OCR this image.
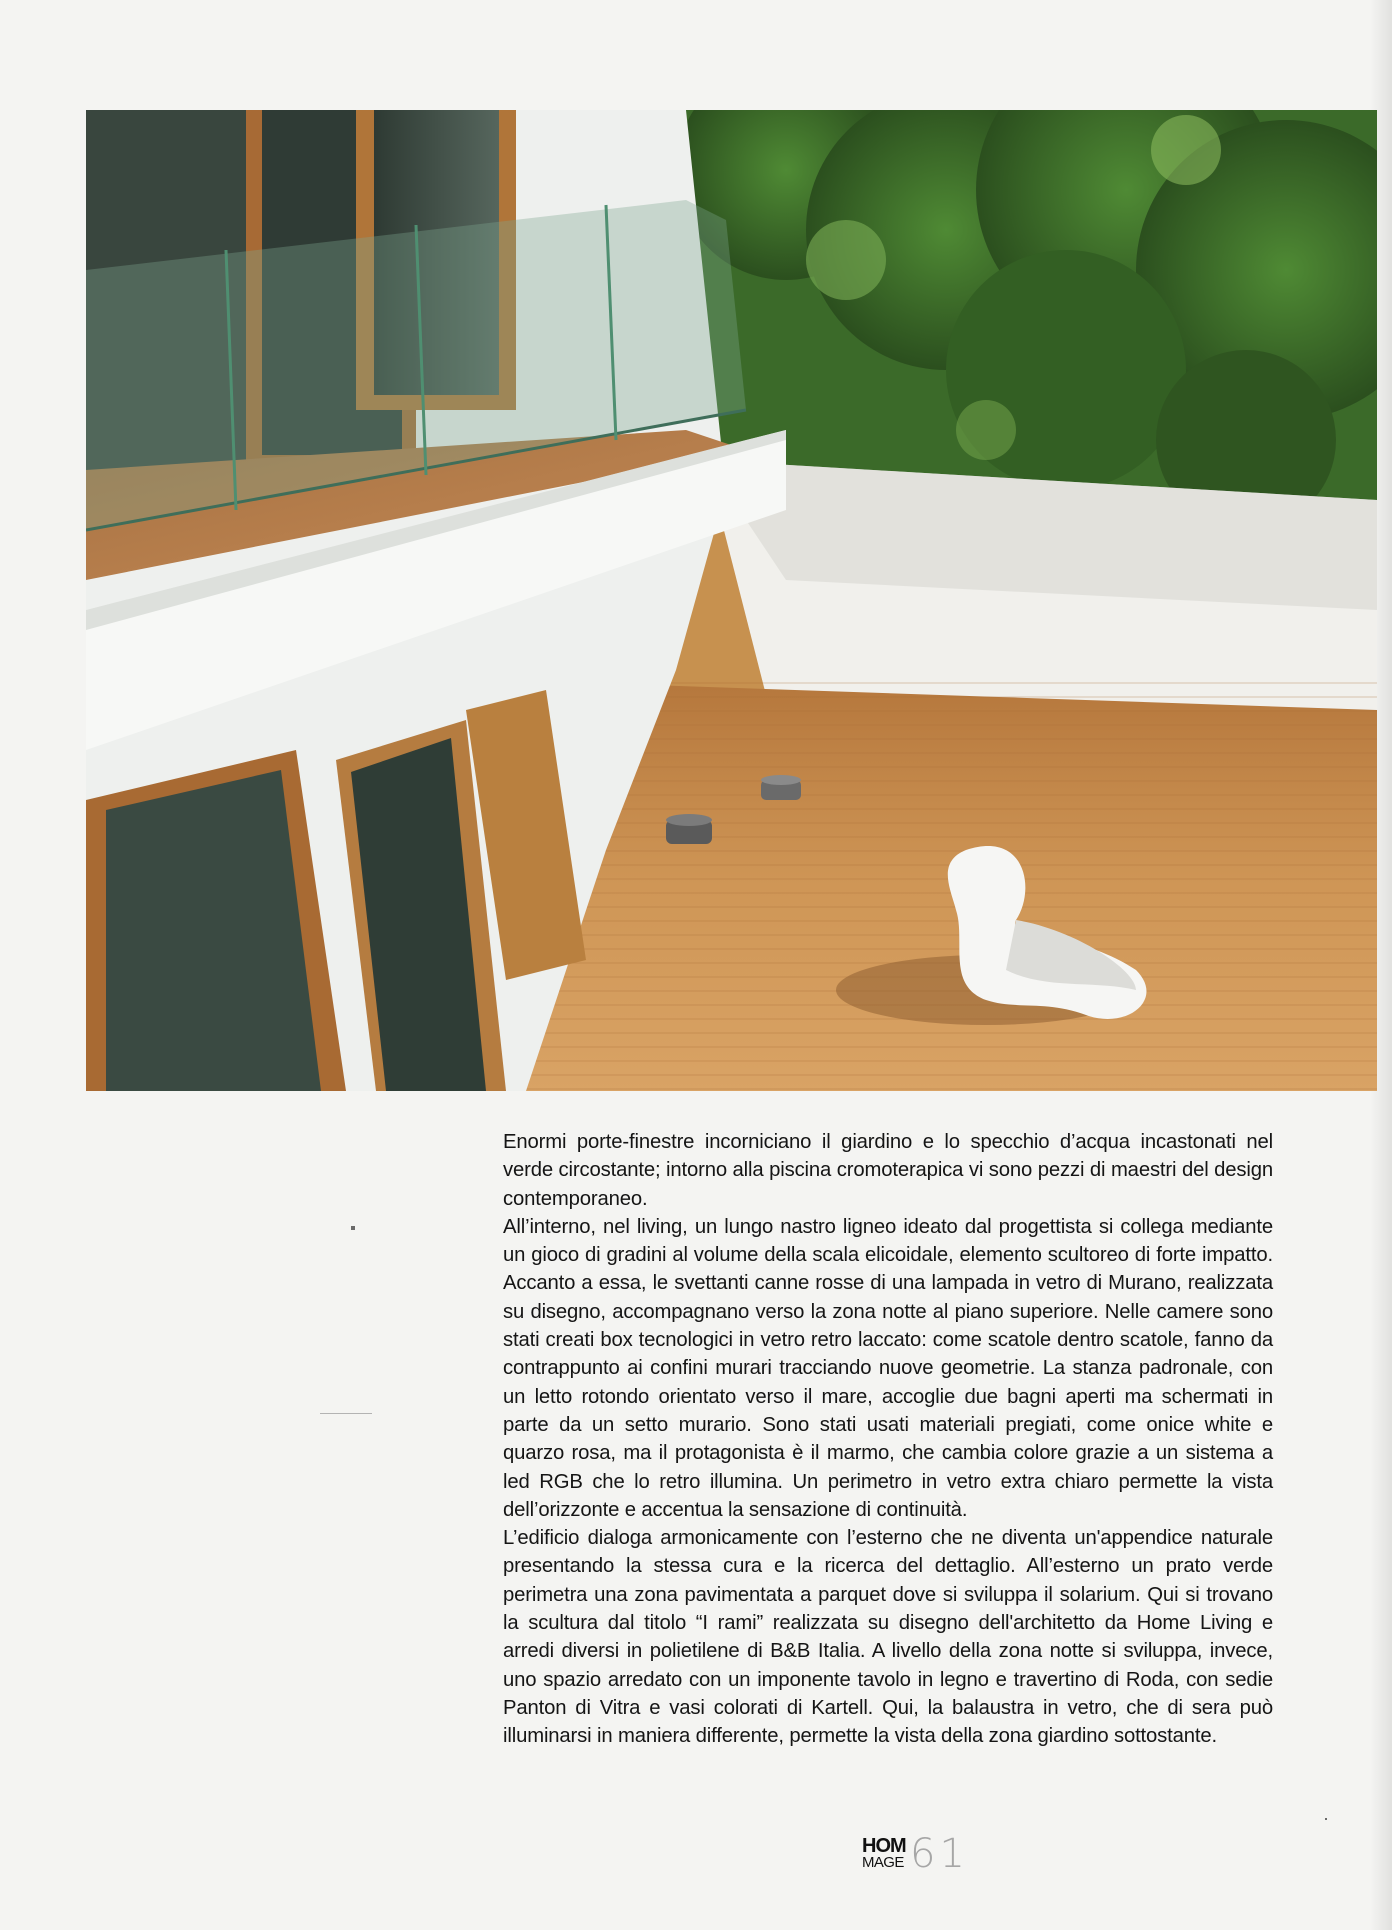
Enormi porte-finestre incorniciano il giardino e lo specchio d’acqua incastonati nel verde circostante; intorno alla piscina cromoterapica vi sono pezzi di maestri del design contemporaneo.

All’interno, nel living, un lungo nastro ligneo ideato dal progettista si collega mediante un gioco di gradini al volume della scala elicoidale, elemento scultoreo di forte impatto. Accanto a essa, le svettanti canne rosse di una lampada in vetro di Murano, realizzata su disegno, accompagnano verso la zona notte al piano superiore. Nelle camere sono stati creati box tecnologici in vetro retro laccato: come scatole dentro scatole, fanno da contrappunto ai confini murari tracciando nuove geometrie. La stanza padronale, con un letto rotondo orientato verso il mare, accoglie due bagni aperti ma schermati in parte da un setto murario. Sono stati usati materiali pregiati, come onice white e quarzo rosa, ma il protagonista è il marmo, che cambia colore grazie a un sistema a led RGB che lo retro illumina. Un perimetro in vetro extra chiaro permette la vista dell’orizzonte e accentua la sensazione di continuità.

L’edificio dialoga armonicamente con l’esterno che ne diventa un'appendice naturale presentando la stessa cura e la ricerca del dettaglio. All’esterno un prato verde perimetra una zona pavimentata a parquet dove si sviluppa il solarium. Qui si trovano la scultura dal titolo “I rami” realizzata su disegno dell'architetto da Home Living e arredi diversi in polietilene di B&B Italia. A livello della zona notte si sviluppa, invece, uno spazio arredato con un imponente tavolo in legno e travertino di Roda, con sedie Panton di Vitra e vasi colorati di Kartell. Qui, la balaustra in vetro, che di sera può illuminarsi in maniera differente, permette la vista della zona giardino sottostante.

HOM
MAGE 61
